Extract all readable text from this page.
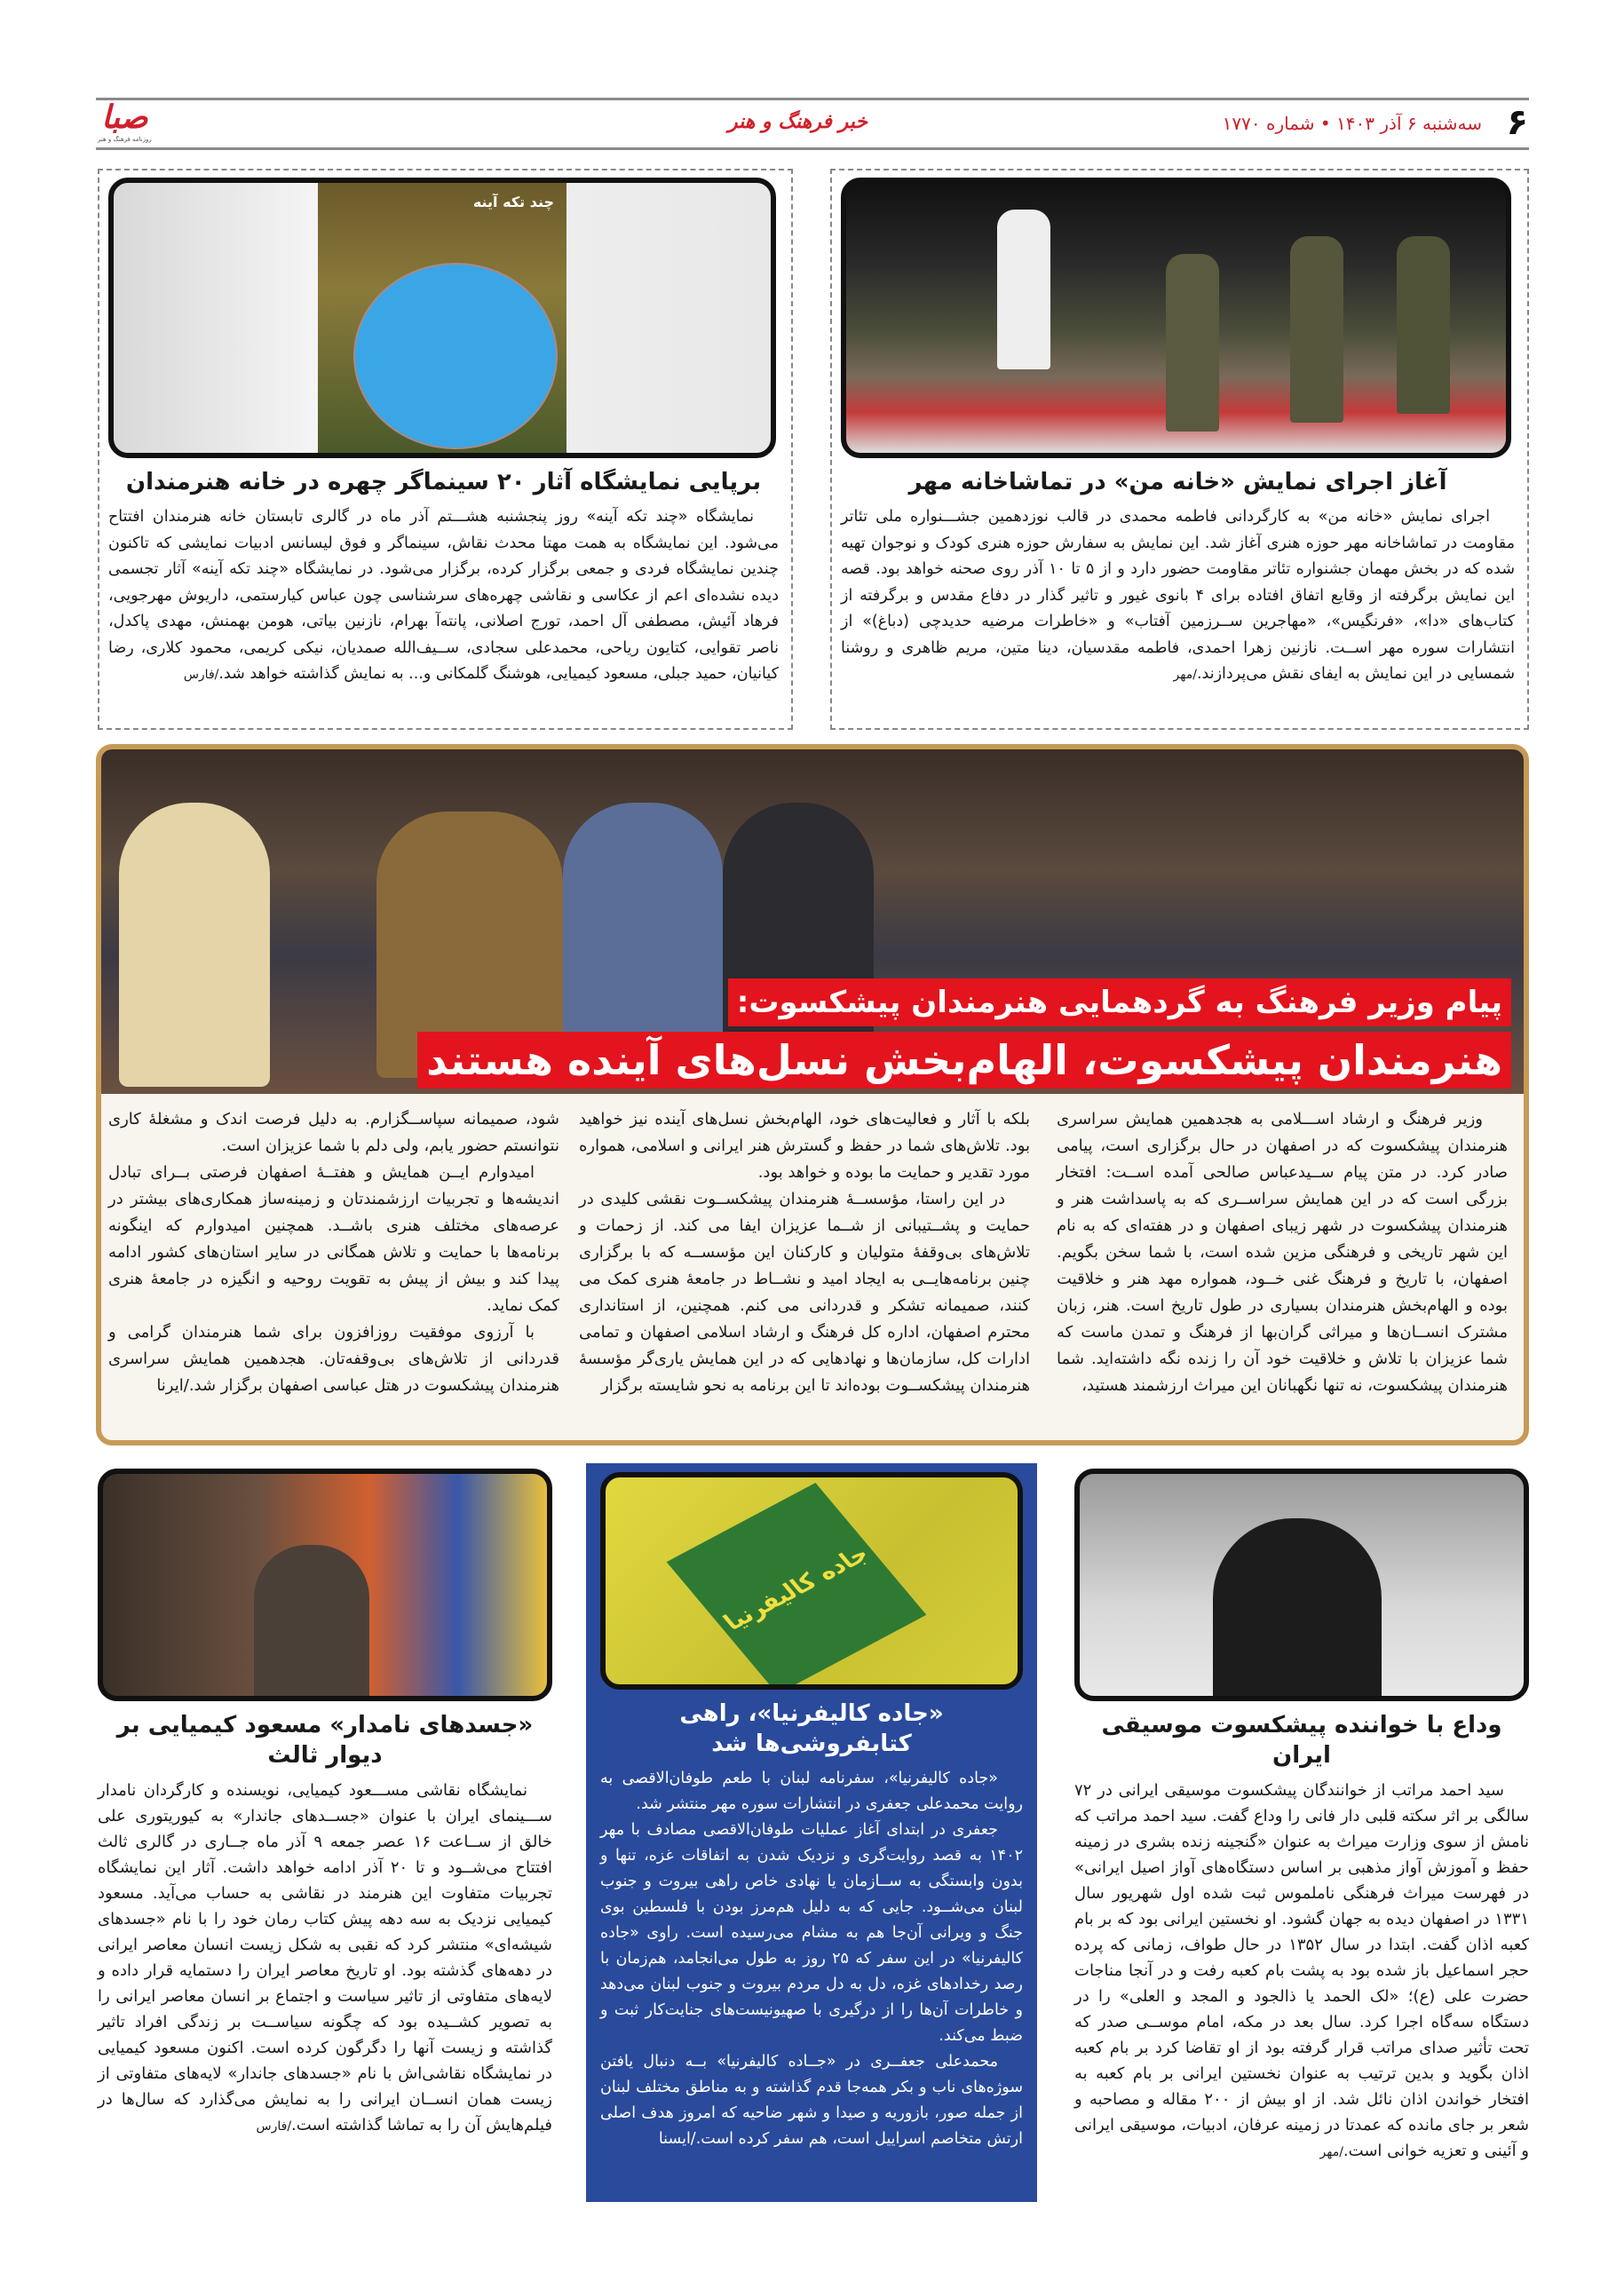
۶
سه‌شنبه ۶ آذر ۱۴۰۳ • شماره ۱۷۷۰
خبر فرهنگ و هنر
صبا
روزنامه فرهنگ و هنر
آغاز اجرای نمایش «خانه من» در تماشاخانه مهر

اجرای نمایش «خانه من» به کارگردانی فاطمه محمدی در قالب نوزدهمین جشـــنواره ملی تئاتر مقاومت در تماشاخانه مهر حوزه هنری آغاز شد. این نمایش به سفارش حوزه هنری کودک و نوجوان تهیه شده که در بخش مهمان جشنواره تئاتر مقاومت حضور دارد و از ۵ تا ۱۰ آذر روی صحنه خواهد بود. قصه این نمایش برگرفته از وقایع اتفاق افتاده برای ۴ بانوی غیور و تاثیر گذار در دفاع مقدس و برگرفته از کتاب‌های «دا»، «فرنگیس»، «مهاجرین ســرزمین آفتاب» و «خاطرات مرضیه حدیدچی (دباغ)» از انتشارات سوره مهر اســت. نازنین زهرا احمدی، فاطمه مقدسیان، دینا متین، مریم ظاهری و روشنا شمسایی در این نمایش به ایفای نقش می‌پردازند./مهر

چند تکه آینه
برپایی نمایشگاه آثار ۲۰ سینماگر چهره در خانه هنرمندان

نمایشگاه «چند تکه آینه» روز پنجشنبه هشـــتم آذر ماه در گالری تابستان خانه هنرمندان افتتاح می‌شود. این نمایشگاه به همت مهتا محدث نقاش، سینماگر و فوق لیسانس ادبیات نمایشی که تاکنون چندین نمایشگاه فردی و جمعی برگزار کرده، برگزار می‌شود. در نمایشگاه «چند تکه آینه» آثار تجسمی دیده نشده‌ای اعم از عکاسی و نقاشی چهره‌های سرشناسی چون عباس کیارستمی، داریوش مهرجویی، فرهاد آئیش، مصطفی آل احمد، تورج اصلانی، پانته‌آ بهرام، نازنین بیاتی، هومن بهمنش، مهدی پاکدل، ناصر تقوایی، کتایون ریاحی، محمدعلی سجادی، ســیف‌الله صمدیان، نیکی کریمی، محمود کلاری، رضا کیانیان، حمید جبلی، مسعود کیمیایی، هوشنگ گلمکانی و... به نمایش گذاشته خواهد شد./فارس

پیام وزیر فرهنگ به گردهمایی هنرمندان پیشکسوت:
هنرمندان پیشکسوت، الهام‌بخش نسل‌های آینده هستند

وزیر فرهنگ و ارشاد اســـلامی به هجدهمین همایش سراسری هنرمندان پیشکسوت که در اصفهان در حال برگزاری است، پیامی صادر کرد. در متن پیام ســیدعباس صالحی آمده اســت: افتخار بزرگی است که در این همایش سراســری که به پاسداشت هنر و هنرمندان پیشکسوت در شهر زیبای اصفهان و در هفته‌ای که به نام این شهر تاریخی و فرهنگی مزین شده است، با شما سخن بگویم. اصفهان، با تاریخ و فرهنگ غنی خــود، همواره مهد هنر و خلاقیت بوده و الهام‌بخش هنرمندان بسیاری در طول تاریخ است. هنر، زبان مشترک انســان‌ها و میراثی گران‌بها از فرهنگ و تمدن ماست که شما عزیزان با تلاش و خلاقیت خود آن را زنده نگه داشته‌اید. شما هنرمندان پیشکسوت، نه تنها نگهبانان این میراث ارزشمند هستید،

بلکه با آثار و فعالیت‌های خود، الهام‌بخش نسل‌های آینده نیز خواهید بود. تلاش‌های شما در حفظ و گسترش هنر ایرانی و اسلامی، همواره مورد تقدیر و حمایت ما بوده و خواهد بود.

در این راستا، مؤسســهٔ هنرمندان پیشکســوت نقشی کلیدی در حمایت و پشــتیبانی از شــما عزیزان ایفا می کند. از زحمات و تلاش‌های بی‌وقفهٔ متولیان و کارکنان این مؤسســه که با برگزاری چنین برنامه‌هایــی به ایجاد امید و نشــاط در جامعهٔ هنری کمک می کنند، صمیمانه تشکر و قدردانی می کنم. همچنین، از استانداری محترم اصفهان، اداره کل فرهنگ و ارشاد اسلامی اصفهان و تمامی ادارات کل، سازمان‌ها و نهادهایی که در این همایش یاری‌گر مؤسسهٔ هنرمندان پیشکســوت بوده‌اند تا این برنامه به نحو شایسته برگزار

شود، صمیمانه سپاســگزارم. به دلیل فرصت اندک و مشغلهٔ کاری نتوانستم حضور یابم، ولی دلم با شما عزیزان است.

امیدوارم ایــن همایش و هفتــهٔ اصفهان فرصتی بــرای تبادل اندیشه‌ها و تجربیات ارزشمندتان و زمینه‌ساز همکاری‌های بیشتر در عرصه‌های مختلف هنری باشــد. همچنین امیدوارم که اینگونه برنامه‌ها با حمایت و تلاش همگانی در سایر استان‌های کشور ادامه پیدا کند و بیش از پیش به تقویت روحیه و انگیزه در جامعهٔ هنری کمک نماید.

با آرزوی موفقیت روزافزون برای شما هنرمندان گرامی و قدردانی از تلاش‌های بی‌وقفه‌تان. هجدهمین همایش سراسری هنرمندان پیشکسوت در هتل عباسی اصفهان برگزار شد./ایرنا

وداع با خواننده پیشکسوت موسیقی ایران

سید احمد مراتب از خوانندگان پیشکسوت موسیقی ایرانی در ۷۲ سالگی بر اثر سکته قلبی دار فانی را وداع گفت. سید احمد مراتب که نامش از سوی وزارت میراث به عنوان «گنجینه زنده بشری در زمینه حفظ و آموزش آواز مذهبی بر اساس دستگاه‌های آواز اصیل ایرانی» در فهرست میراث فرهنگی ناملموس ثبت شده اول شهریور سال ۱۳۳۱ در اصفهان دیده به جهان گشود. او نخستین ایرانی بود که بر بام کعبه اذان گفت. ابتدا در سال ۱۳۵۲ در حال طواف، زمانی که پرده حجر اسماعیل باز شده بود به پشت بام کعبه رفت و در آنجا مناجات حضرت علی (ع)؛ «لک الحمد یا ذالجود و المجد و العلی» را در دستگاه سه‌گاه اجرا کرد. سال بعد در مکه، امام موســی صدر که تحت تأثیر صدای مراتب قرار گرفته بود از او تقاضا کرد بر بام کعبه اذان بگوید و بدین ترتیب به عنوان نخستین ایرانی بر بام کعبه به افتخار خواندن اذان نائل شد. از او بیش از ۲۰۰ مقاله و مصاحبه و شعر بر جای مانده که عمدتا در زمینه عرفان، ادبیات، موسیقی ایرانی و آئینی و تعزیه خوانی است./مهر

جاده کالیفرنیا
«جاده کالیفرنیا»، راهی کتابفروشی‌ها شد

«جاده کالیفرنیا»، سفرنامه لبنان با طعم طوفان‌الاقصی به روایت محمدعلی جعفری در انتشارات سوره مهر منتشر شد.

جعفری در ابتدای آغاز عملیات طوفان‌الاقصی مصادف با مهر ۱۴۰۲ به قصد روایت‌گری و نزدیک شدن به اتفاقات غزه، تنها و بدون وابستگی به ســازمان یا نهادی خاص راهی بیروت و جنوب لبنان می‌شــود. جایی که به دلیل هم‌مرز بودن با فلسطین بوی جنگ و ویرانی آن‌جا هم به مشام می‌رسیده است. راوی «جاده کالیفرنیا» در این سفر که ۲۵ روز به طول می‌انجامد، هم‌زمان با رصد رخدادهای غزه، دل به دل مردم بیروت و جنوب لبنان می‌دهد و خاطرات آن‌ها را از درگیری با صهیونیست‌های جنایت‌کار ثبت و ضبط می‌کند.

محمدعلی جعفــری در «جــاده کالیفرنیا» بــه دنبال یافتن سوژه‌های ناب و بکر همه‌جا قدم گذاشته و به مناطق مختلف لبنان از جمله صور، بازوریه و صیدا و شهر ضاحیه که امروز هدف اصلی ارتش متخاصم اسراییل است، هم سفر کرده است./ایسنا

«جسدهای نامدار» مسعود کیمیایی بر دیوار ثالث

نمایشگاه نقاشی مســـعود کیمیایی، نویسنده و کارگردان نامدار ســـینمای ایران با عنوان «جســدهای جاندار» به کیوریتوری علی خالق از ســاعت ۱۶ عصر جمعه ۹ آذر ماه جــاری در گالری ثالث افتتاح می‌شــود و تا ۲۰ آذر ادامه خواهد داشت. آثار این نمایشگاه تجربیات متفاوت این هنرمند در نقاشی به حساب می‌آید. مسعود کیمیایی نزدیک به سه دهه پیش کتاب رمان خود را با نام «جسدهای شیشه‌ای» منتشر کرد که نقبی به شکل زیست انسان معاصر ایرانی در دهه‌های گذشته بود. او تاریخ معاصر ایران را دستمایه قرار داده و لایه‌های متفاوتی از تاثیر سیاست و اجتماع بر انسان معاصر ایرانی را به تصویر کشــیده بود که چگونه سیاســت بر زندگی افراد تاثیر گذاشته و زیست آنها را دگرگون کرده است. اکنون مسعود کیمیایی در نمایشگاه نقاشی‌اش با نام «جسدهای جاندار» لایه‌های متفاوتی از زیست همان انســان ایرانی را به نمایش می‌گذارد که سال‌ها در فیلم‌هایش آن را به تماشا گذاشته است./فارس
